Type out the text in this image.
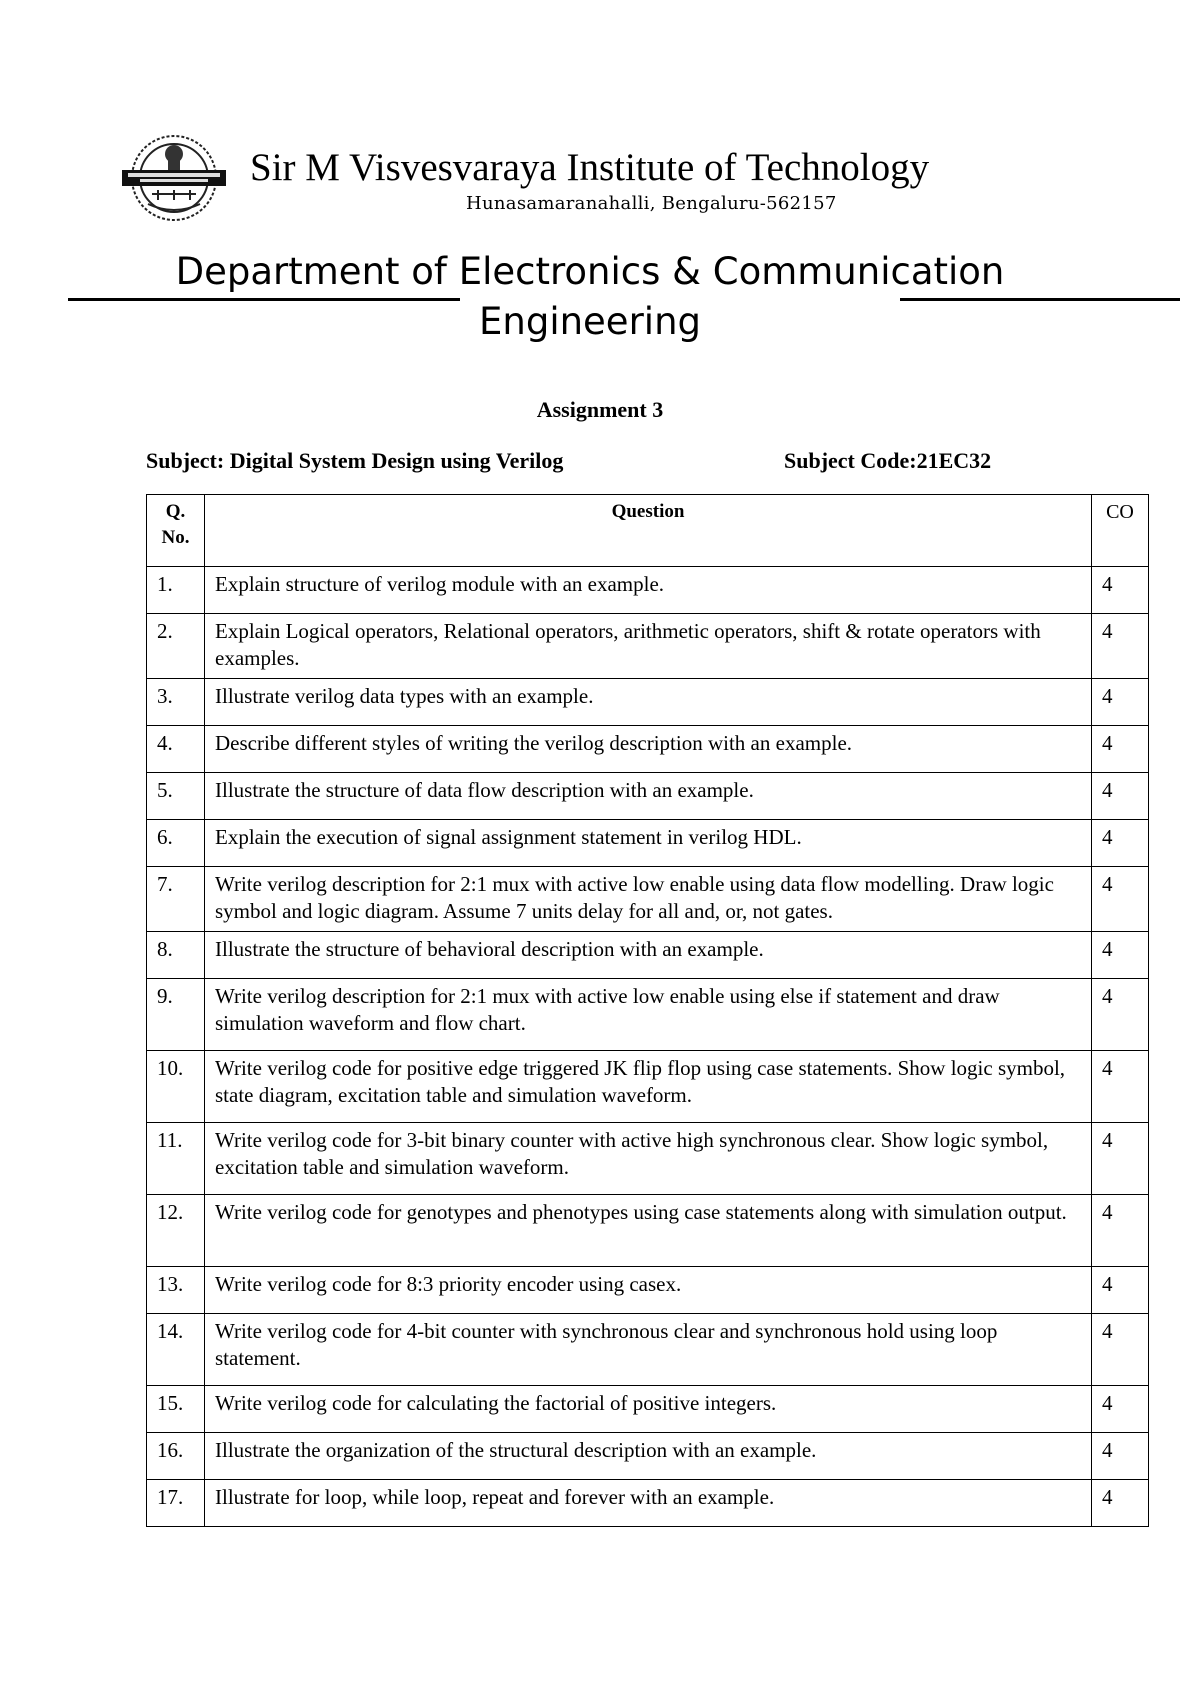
Sir M Visvesvaraya Institute of Technology
Hunasamaranahalli, Bengaluru-562157
Department of Electronics & Communication
Engineering
Assignment 3
Subject: Digital System Design using Verilog	Subject Code:21EC32
Q. No.	Question	CO
1.	Explain structure of verilog module with an example.	4
2.	Explain Logical operators, Relational operators, arithmetic operators, shift & rotate operators with examples.	4
3.	Illustrate verilog data types with an example.	4
4.	Describe different styles of writing the verilog description with an example.	4
5.	Illustrate the structure of data flow description with an example.	4
6.	Explain the execution of signal assignment statement in verilog HDL.	4
7.	Write verilog description for 2:1 mux with active low enable using data flow modelling. Draw logic symbol and logic diagram. Assume 7 units delay for all and, or, not gates.	4
8.	Illustrate the structure of behavioral description with an example.	4
9.	Write verilog description for 2:1 mux with active low enable using else if statement and draw simulation waveform and flow chart.	4
10.	Write verilog code for positive edge triggered JK flip flop using case statements. Show logic symbol, state diagram, excitation table and simulation waveform.	4
11.	Write verilog code for 3-bit binary counter with active high synchronous clear. Show logic symbol, excitation table and simulation waveform.	4
12.	Write verilog code for genotypes and phenotypes using case statements along with simulation output.	4
13.	Write verilog code for 8:3 priority encoder using casex.	4
14.	Write verilog code for 4-bit counter with synchronous clear and synchronous hold using loop statement.	4
15.	Write verilog code for calculating the factorial of positive integers.	4
16.	Illustrate the organization of the structural description with an example.	4
17.	Illustrate for loop, while loop, repeat and forever with an example.	4
